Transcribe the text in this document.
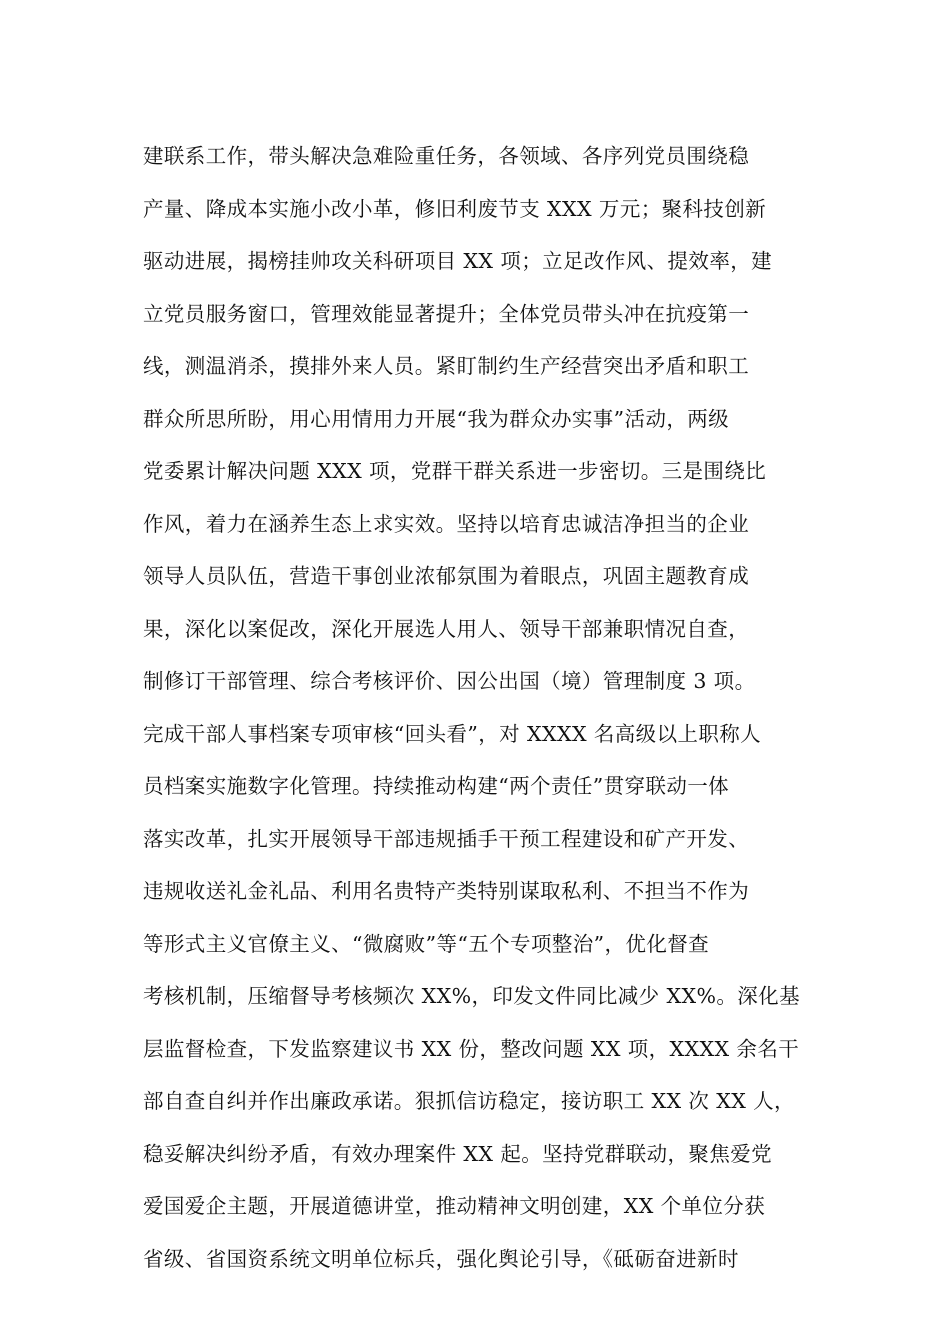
建联系工作，带头解决急难险重任务，各领域、各序列党员围绕稳
产量、降成本实施小改小革，修旧利废节支 XXX 万元；聚科技创新
驱动进展，揭榜挂帅攻关科研项目 XX 项；立足改作风、提效率，建
立党员服务窗口，管理效能显著提升；全体党员带头冲在抗疫第一
线，测温消杀，摸排外来人员。紧盯制约生产经营突出矛盾和职工
群众所思所盼，用心用情用力开展“我为群众办实事”活动，两级
党委累计解决问题 XXX 项，党群干群关系进一步密切。三是围绕比
作风，着力在涵养生态上求实效。坚持以培育忠诚洁净担当的企业
领导人员队伍，营造干事创业浓郁氛围为着眼点，巩固主题教育成
果，深化以案促改，深化开展选人用人、领导干部兼职情况自查，
制修订干部管理、综合考核评价、因公出国（境）管理制度 3 项。
完成干部人事档案专项审核“回头看”，对 XXXX 名高级以上职称人
员档案实施数字化管理。持续推动构建“两个责任”贯穿联动一体
落实改革，扎实开展领导干部违规插手干预工程建设和矿产开发、
违规收送礼金礼品、利用名贵特产类特别谋取私利、不担当不作为
等形式主义官僚主义、“微腐败”等“五个专项整治”，优化督查
考核机制，压缩督导考核频次 XX%，印发文件同比减少 XX%。深化基
层监督检查，下发监察建议书 XX 份，整改问题 XX 项，XXXX 余名干
部自查自纠并作出廉政承诺。狠抓信访稳定，接访职工 XX 次 XX 人，
稳妥解决纠纷矛盾，有效办理案件 XX 起。坚持党群联动，聚焦爱党
爱国爱企主题，开展道德讲堂，推动精神文明创建，XX 个单位分获
省级、省国资系统文明单位标兵，强化舆论引导，《砥砺奋进新时
